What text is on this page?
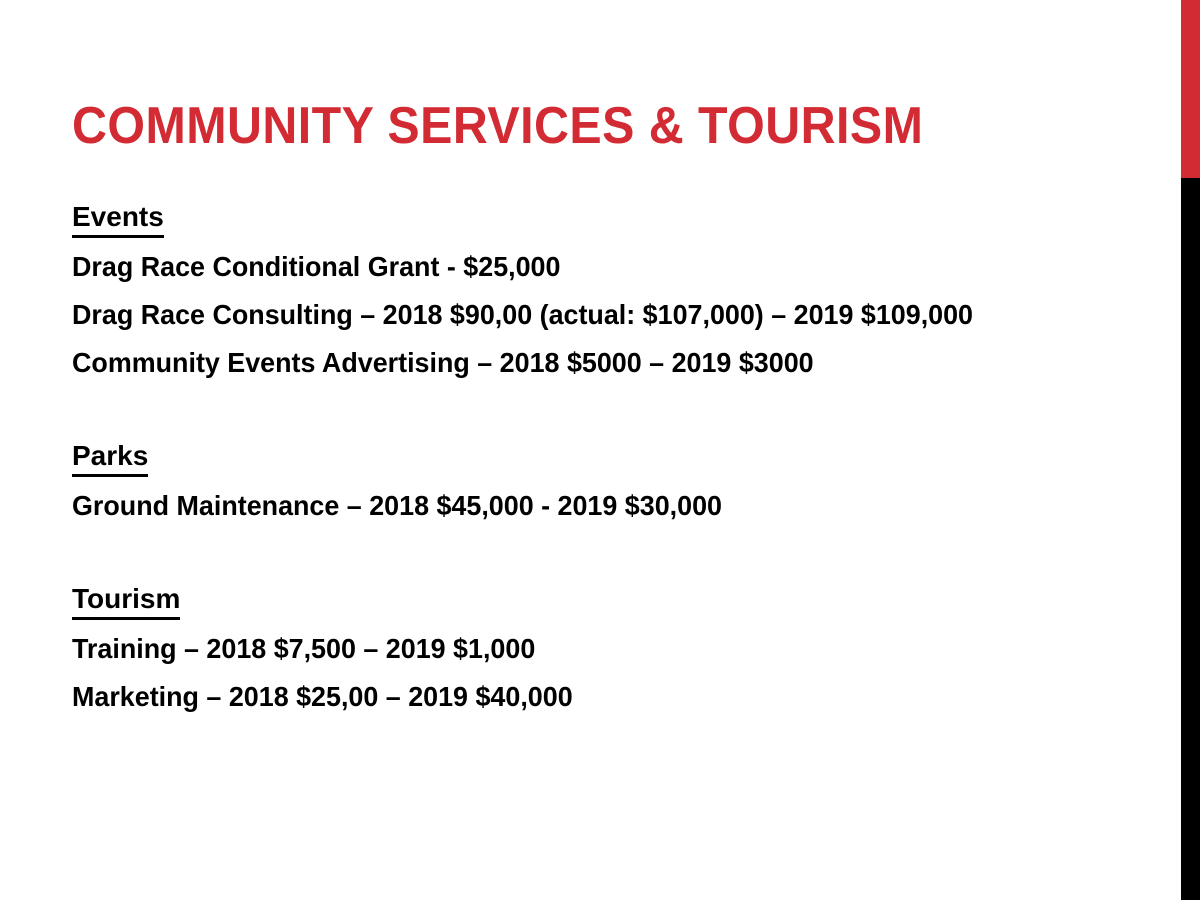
COMMUNITY SERVICES & TOURISM
Events
Drag Race Conditional Grant - $25,000
Drag Race Consulting – 2018 $90,00 (actual: $107,000) – 2019 $109,000
Community Events Advertising – 2018 $5000 – 2019 $3000
Parks
Ground Maintenance – 2018 $45,000 - 2019 $30,000
Tourism
Training – 2018 $7,500 – 2019 $1,000
Marketing – 2018 $25,00 – 2019 $40,000
